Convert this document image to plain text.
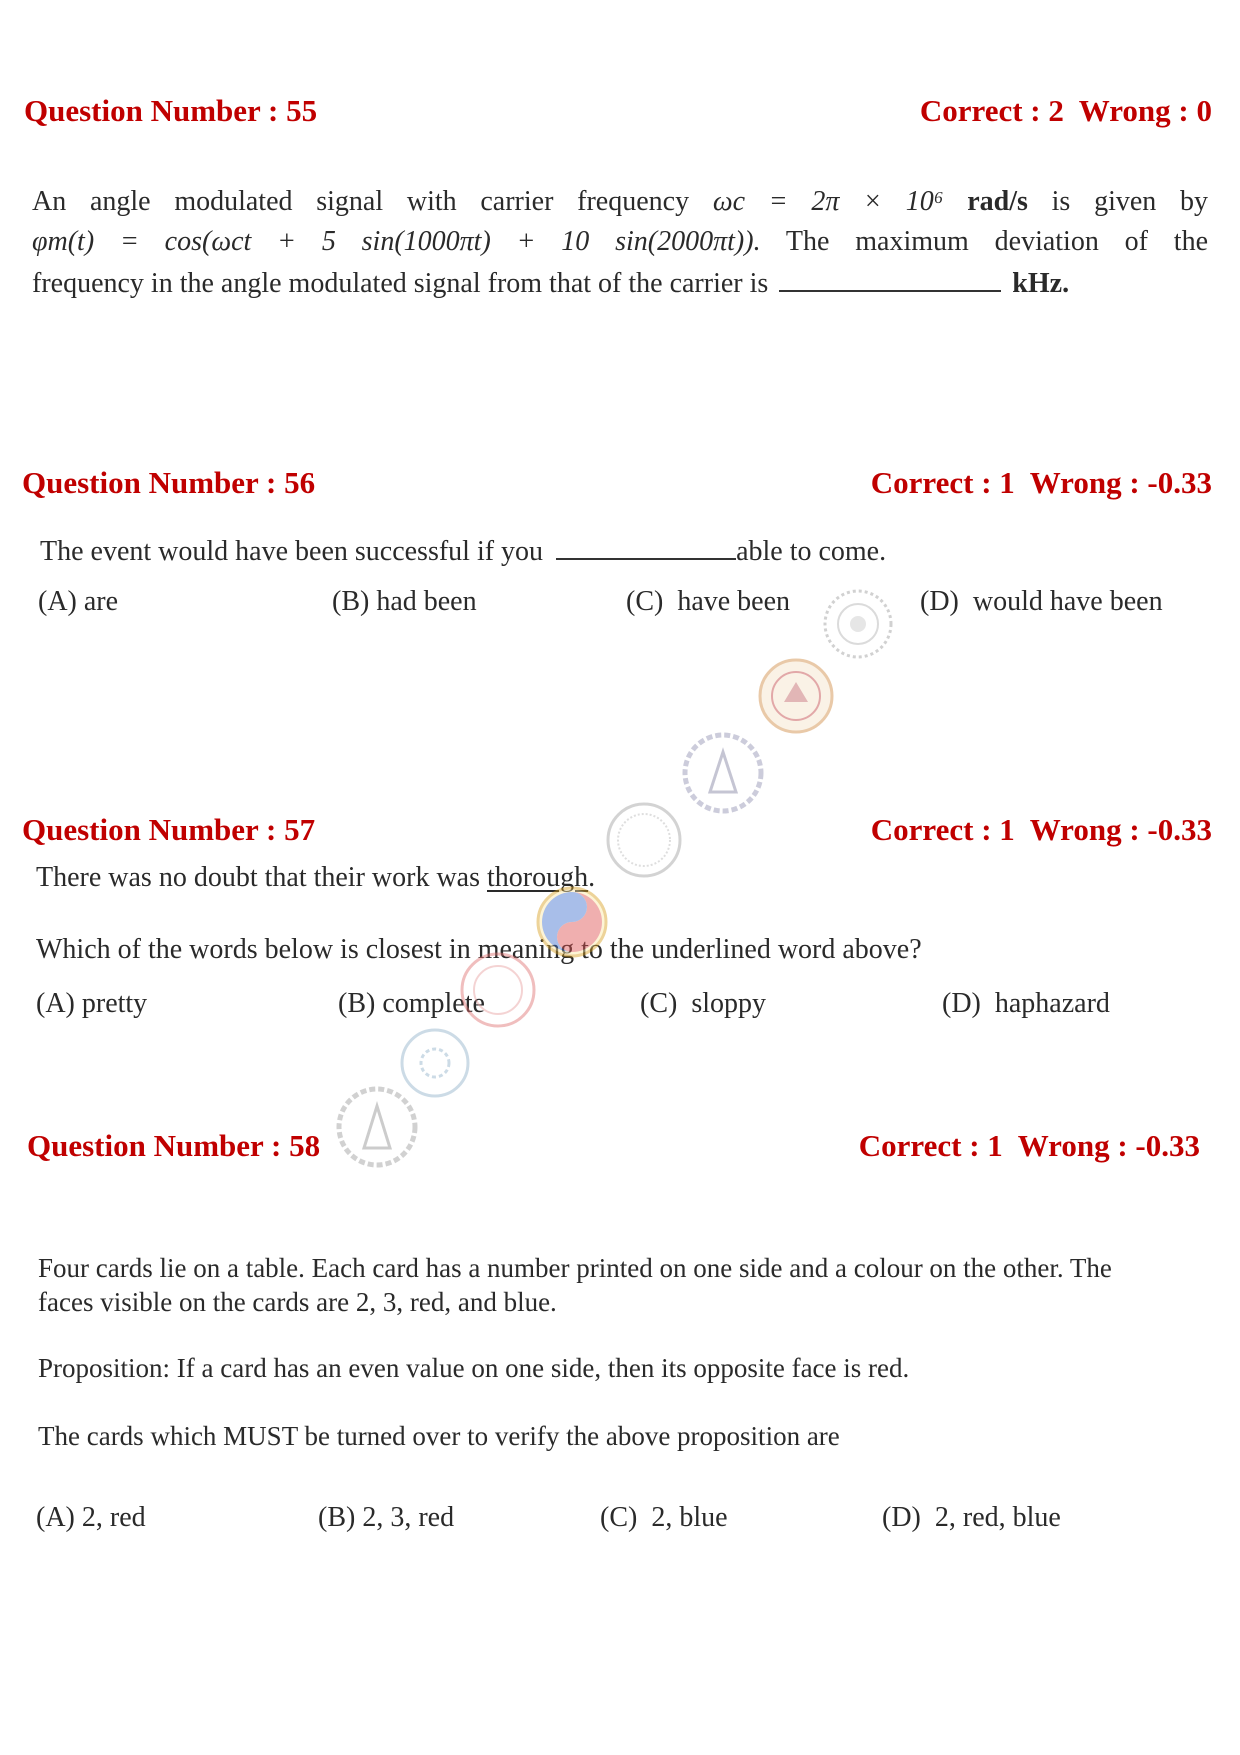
Question Number : 55	Correct : 2  Wrong : 0
An angle modulated signal with carrier frequency ωc = 2π × 10⁶ rad/s is given by
φm(t) = cos(ωct + 5 sin(1000πt) + 10 sin(2000πt)). The maximum deviation of the
frequency in the angle modulated signal from that of the carrier is	kHz.
Question Number : 56	Correct : 1  Wrong : -0.33
The event would have been successful if you	able to come.
(A) are	(B) had been	(C)  have been	(D)  would have been
Question Number : 57	Correct : 1  Wrong : -0.33
There was no doubt that their work was thorough.
Which of the words below is closest in meaning to the underlined word above?
(A) pretty	(B) complete	(C)  sloppy	(D)  haphazard
Question Number : 58	Correct : 1  Wrong : -0.33
Four cards lie on a table. Each card has a number printed on one side and a colour on the other. The
faces visible on the cards are 2, 3, red, and blue.
Proposition: If a card has an even value on one side, then its opposite face is red.
The cards which MUST be turned over to verify the above proposition are
(A) 2, red	(B) 2, 3, red	(C)  2, blue	(D)  2, red, blue
